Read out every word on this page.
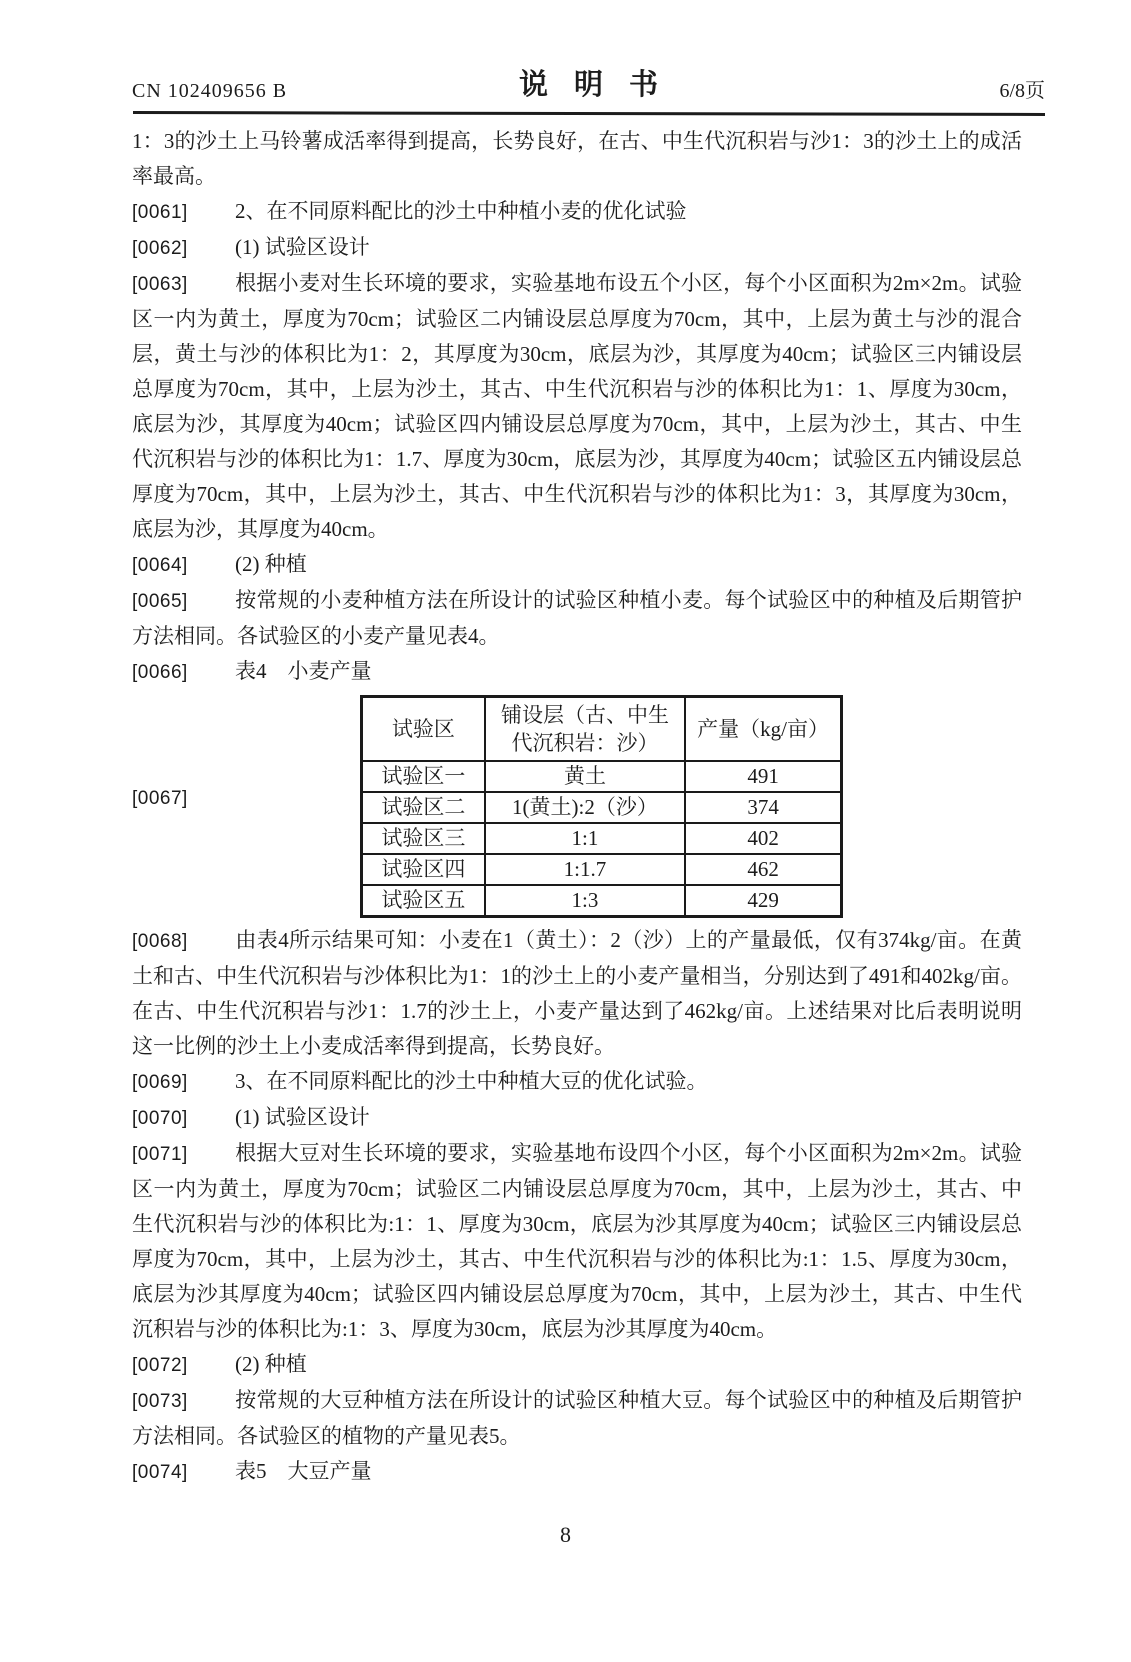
CN 102409656 B	说明书	6/8页

1：3的沙土上马铃薯成活率得到提高，长势良好，在古、中生代沉积岩与沙1：3的沙土上的成活率最高。

[0061] 2、在不同原料配比的沙土中种植小麦的优化试验

[0062] (1) 试验区设计

[0063] 根据小麦对生长环境的要求，实验基地布设五个小区，每个小区面积为2m×2m。试验区一内为黄土，厚度为70cm；试验区二内铺设层总厚度为70cm，其中，上层为黄土与沙的混合层，黄土与沙的体积比为1：2，其厚度为30cm，底层为沙，其厚度为40cm；试验区三内铺设层总厚度为70cm，其中，上层为沙土，其古、中生代沉积岩与沙的体积比为1：1、厚度为30cm，底层为沙，其厚度为40cm；试验区四内铺设层总厚度为70cm，其中，上层为沙土，其古、中生代沉积岩与沙的体积比为1：1.7、厚度为30cm，底层为沙，其厚度为40cm；试验区五内铺设层总厚度为70cm，其中，上层为沙土，其古、中生代沉积岩与沙的体积比为1：3，其厚度为30cm，底层为沙，其厚度为40cm。

[0064] (2) 种植

[0065] 按常规的小麦种植方法在所设计的试验区种植小麦。每个试验区中的种植及后期管护方法相同。各试验区的小麦产量见表4。

[0066] 表4　小麦产量

[0067]
试验区	铺设层（古、中生代沉积岩：沙）	产量（kg/亩）
试验区一	黄土	491
试验区二	1(黄土):2（沙）	374
试验区三	1:1	402
试验区四	1:1.7	462
试验区五	1:3	429

[0068] 由表4所示结果可知：小麦在1（黄土）：2（沙）上的产量最低，仅有374kg/亩。在黄土和古、中生代沉积岩与沙体积比为1：1的沙土上的小麦产量相当，分别达到了491和402kg/亩。在古、中生代沉积岩与沙1：1.7的沙土上，小麦产量达到了462kg/亩。上述结果对比后表明说明这一比例的沙土上小麦成活率得到提高，长势良好。

[0069] 3、在不同原料配比的沙土中种植大豆的优化试验。

[0070] (1) 试验区设计

[0071] 根据大豆对生长环境的要求，实验基地布设四个小区，每个小区面积为2m×2m。试验区一内为黄土，厚度为70cm；试验区二内铺设层总厚度为70cm，其中，上层为沙土，其古、中生代沉积岩与沙的体积比为:1：1、厚度为30cm，底层为沙其厚度为40cm；试验区三内铺设层总厚度为70cm，其中，上层为沙土，其古、中生代沉积岩与沙的体积比为:1：1.5、厚度为30cm，底层为沙其厚度为40cm；试验区四内铺设层总厚度为70cm，其中，上层为沙土，其古、中生代沉积岩与沙的体积比为:1：3、厚度为30cm，底层为沙其厚度为40cm。

[0072] (2) 种植

[0073] 按常规的大豆种植方法在所设计的试验区种植大豆。每个试验区中的种植及后期管护方法相同。各试验区的植物的产量见表5。

[0074] 表5　大豆产量

8
